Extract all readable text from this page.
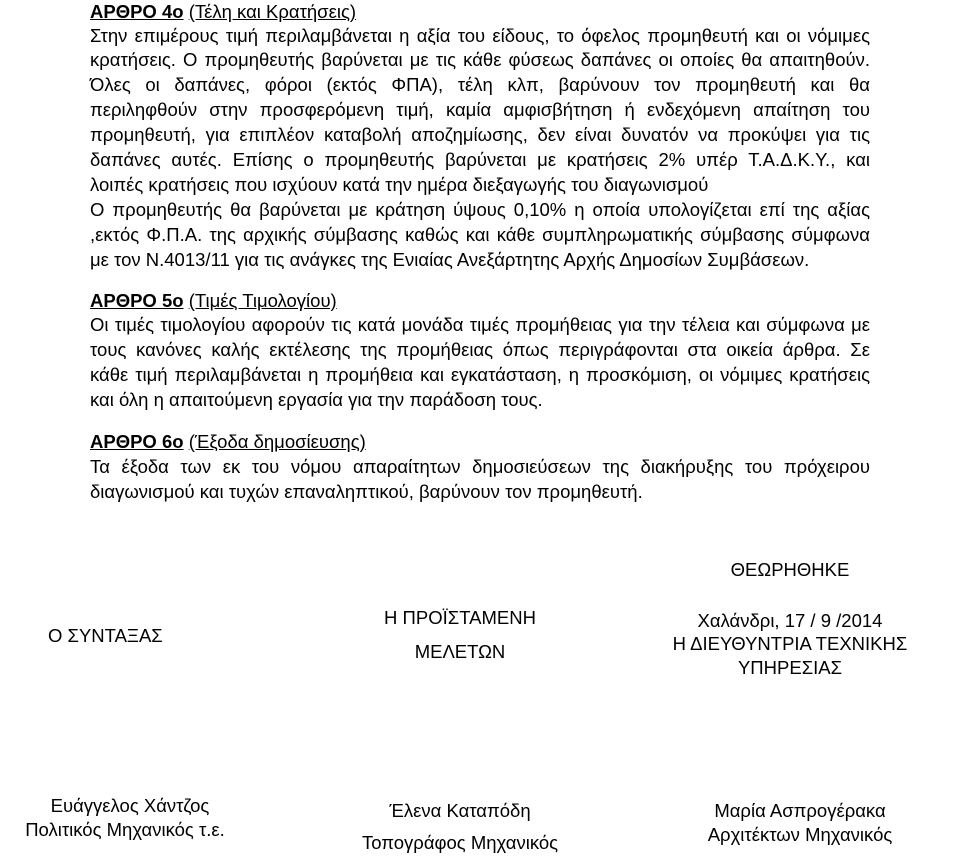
ΑΡΘΡΟ 4ο (Τέλη και Κρατήσεις)
Στην επιμέρους τιμή περιλαμβάνεται η αξία του είδους, το όφελος προμηθευτή και οι νόμιμες
κρατήσεις. Ο προμηθευτής βαρύνεται με τις κάθε φύσεως δαπάνες οι οποίες θα απαιτηθούν.
Όλες οι δαπάνες, φόροι (εκτός ΦΠΑ), τέλη κλπ, βαρύνουν τον προμηθευτή και θα
περιληφθούν στην προσφερόμενη τιμή, καμία αμφισβήτηση ή ενδεχόμενη απαίτηση του
προμηθευτή, για επιπλέον καταβολή αποζημίωσης, δεν είναι δυνατόν να προκύψει για τις
δαπάνες αυτές. Επίσης ο προμηθευτής βαρύνεται με κρατήσεις 2% υπέρ Τ.Α.Δ.Κ.Υ., και
λοιπές κρατήσεις που ισχύουν κατά την ημέρα διεξαγωγής του διαγωνισμού
Ο προμηθευτής θα βαρύνεται με κράτηση ύψους 0,10% η οποία υπολογίζεται επί της αξίας
,εκτός Φ.Π.Α. της αρχικής σύμβασης καθώς και κάθε συμπληρωματικής σύμβασης σύμφωνα
με τον Ν.4013/11 για τις ανάγκες της Ενιαίας Ανεξάρτητης Αρχής Δημοσίων Συμβάσεων.
ΑΡΘΡΟ 5ο (Τιμές Τιμολογίου)
Οι τιμές τιμολογίου αφορούν τις κατά μονάδα τιμές προμήθειας για την τέλεια και σύμφωνα με
τους κανόνες καλής εκτέλεσης της προμήθειας όπως περιγράφονται στα οικεία άρθρα. Σε
κάθε τιμή περιλαμβάνεται η προμήθεια και εγκατάσταση, η προσκόμιση, οι νόμιμες κρατήσεις
και όλη η απαιτούμενη εργασία για την παράδοση τους.
ΑΡΘΡΟ 6ο (Έξοδα δημοσίευσης)
Τα έξοδα των εκ του νόμου απαραίτητων δημοσιεύσεων της διακήρυξης του πρόχειρου
διαγωνισμού και τυχών επαναληπτικού, βαρύνουν τον προμηθευτή.
ΘΕΩΡΗΘΗΚΕ
Ο ΣΥΝΤΑΞΑΣ
Η ΠΡΟΪΣΤΑΜΕΝΗ
ΜΕΛΕΤΩΝ
Χαλάνδρι, 17 / 9 /2014
Η ΔΙΕΥΘΥΝΤΡΙΑ ΤΕΧΝΙΚΗΣ
ΥΠΗΡΕΣΙΑΣ
Ευάγγελος Χάντζος
Πολιτικός Μηχανικός τ.ε.
Έλενα Καταπόδη
Τοπογράφος Μηχανικός
Μαρία Ασπρογέρακα
Αρχιτέκτων Μηχανικός
